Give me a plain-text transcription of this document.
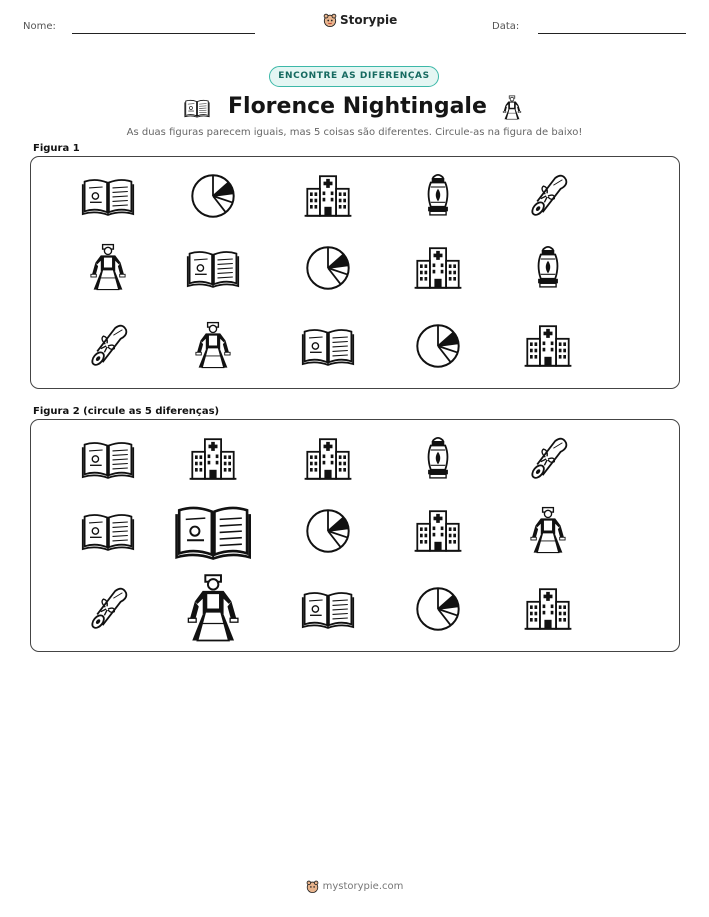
Nome:	Storypie	Data:
ENCONTRE AS DIFERENÇAS
Florence Nightingale
As duas figuras parecem iguais, mas 5 coisas são diferentes. Circule-as na figura de baixo!
Figura 1
Figura 2 (circule as 5 diferenças)
mystorypie.com
